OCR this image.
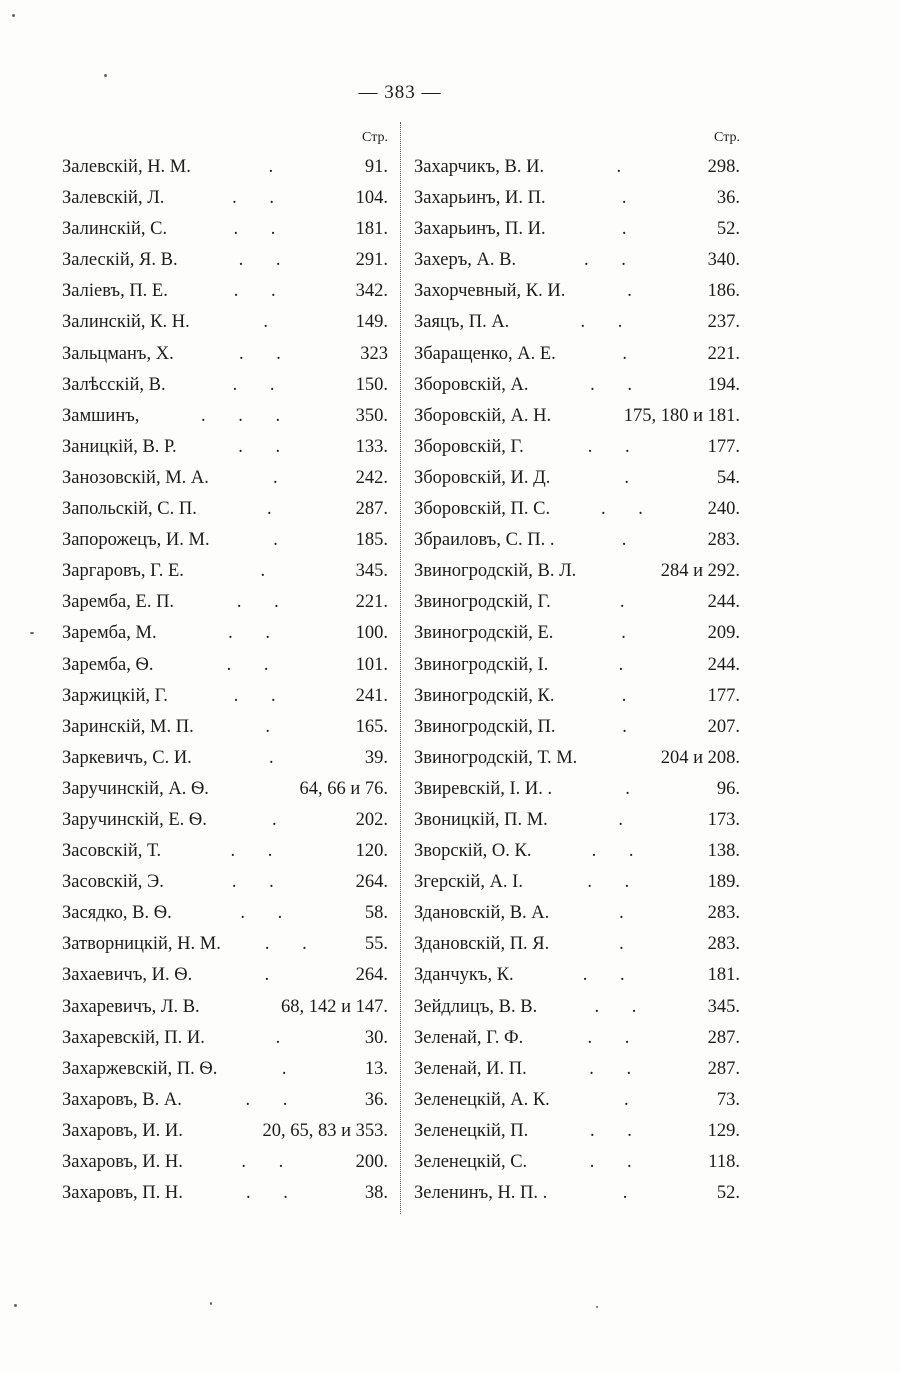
— 383 —
Стр.
Залевскій, Н. М.	.	91.
Залевскій, Л.	. .	104.
Залинскій, С.	. .	181.
Залескій, Я. В.	. .	291.
Заліевъ, П. Е.	. .	342.
Залинскій, К. Н.	.	149.
Зальцманъ, Х.	. .	323
Залѣсскій, В.	. .	150.
Замшинъ,	. . .	350.
Заницкій, В. Р.	. .	133.
Занозовскій, М. А.	.	242.
Запольскій, С. П.	.	287.
Запорожецъ, И. М.	.	185.
Заргаровъ, Г. Е.	.	345.
Зaремба, Е. П.	. .	221.
Заремба, М.	. .	100.
Заремба, Ѳ.	. .	101.
Заржицкій, Г.	. .	241.
Заринскій, М. П.	.	165.
Заркевичъ, С. И.	.	39.
Заручинскій, А. Ѳ.	64, 66 и 76.
Заручинскій, Е. Ѳ.	.	202.
Засовскій, Т.	. .	120.
Засовскій, Э.	. .	264.
Засядко, В. Ѳ.	. .	58.
Затворницкій, Н. М.	. .	55.
Захаевичъ, И. Ѳ.	.	264.
Захаревичъ, Л. В.	68, 142 и 147.
Захаревскій, П. И.	.	30.
Захаржевскій, П. Ѳ.	.	13.
Захаровъ, В. А.	. .	36.
Захаровъ, И. И.	20, 65, 83 и 353.
Захаровъ, И. Н.	. .	200.
Захаровъ, П. Н.	. .	38.
Стр.
Захарчикъ, В. И.	.	298.
Захарьинъ, И. П.	.	36.
Захарьинъ, П. И.	.	52.
Захеръ, А. В.	. .	340.
Захорчевный, К. И.	.	186.
Заяцъ, П. А.	. .	237.
Збаращенко, А. Е.	.	221.
Зборовскій, А.	. .	194.
Зборовскій, А. Н.	175, 180 и 181.
Зборовскій, Г.	. .	177.
Зборовскій, И. Д.	.	54.
Зборовскій, П. С.	. .	240.
Збраиловъ, С. П. .	.	283.
Звиногродскій, В. Л.	284 и 292.
Звиногродскій, Г.	.	244.
Звиногродскій, Е.	.	209.
Звиногродскій, І.	.	244.
Звиногродскій, К.	.	177.
Звиногродскій, П.	.	207.
Звиногродскій, Т. М.	204 и 208.
Звиревскій, І. И. .	.	96.
Звоницкій, П. М.	.	173.
Зворскій, О. К.	. .	138.
Згерскій, А. І.	. .	189.
Здановскій, В. А.	.	283.
Здановскій, П. Я.	.	283.
Зданчукъ, К.	. .	181.
Зейдлицъ, В. В.	. .	345.
Зеленай, Г. Ф.	. .	287.
Зеленай, И. П.	. .	287.
Зеленецкій, А. К.	.	73.
Зеленецкій, П.	. .	129.
Зеленецкій, С.	. .	118.
Зеленинъ, Н. П. .	.	52.
